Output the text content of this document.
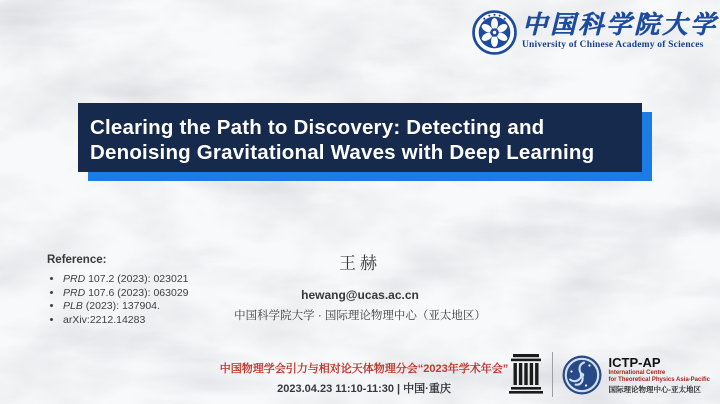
中国科学院大学
University of Chinese Academy of Sciences
Clearing the Path to Discovery: Detecting and
Denoising Gravitational Waves with Deep Learning
Reference:
• PRD 107.2 (2023): 023021
• PRD 107.6 (2023): 063029
• PLB (2023): 137904.
• arXiv:2212.14283
王赫
hewang@ucas.ac.cn
中国科学院大学 · 国际理论物理中心（亚太地区）
中国物理学会引力与相对论天体物理分会“2023年学术年会”
2023.04.23 11:10-11:30 | 中国·重庆
ICTP-AP
International Centre
for Theoretical Physics Asia-Pacific
国际理论物理中心-亚太地区
